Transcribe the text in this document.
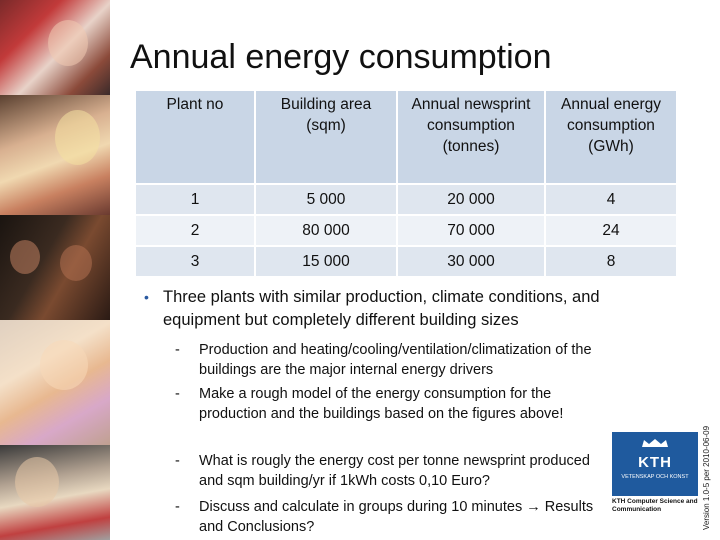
Annual energy consumption
Plant no	Building area (sqm)	Annual newsprint consumption (tonnes)	Annual energy consumption (GWh)
1	5 000	20 000	4
2	80 000	70 000	24
3	15 000	30 000	8
• Three plants with similar production, climate conditions, and equipment but completely different building sizes
-	Production and heating/cooling/ventilation/climatization of the buildings are the major internal energy drivers
-	Make a rough model of the energy consumption for the production and the buildings based on the figures above!
-	What is rougly the energy cost per tonne newsprint produced and sqm building/yr if 1kWh costs 0,10 Euro?
-	Discuss and calculate in groups during 10 minutes → Results and Conclusions?
KTH
VETENSKAP OCH KONST
KTH Computer Science and Communication	Version 1.0-5 per 2010-06-09
